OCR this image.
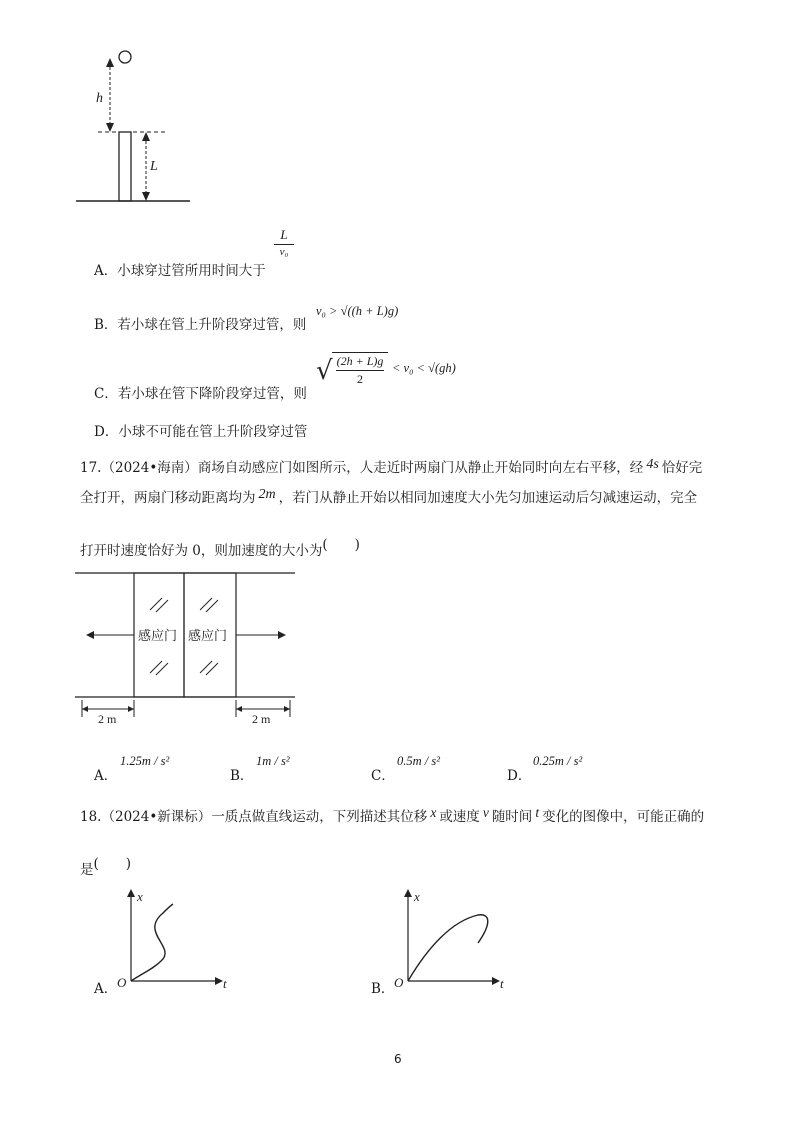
h
L
A．小球穿过管所用时间大于
L
v₀
B．若小球在管上升阶段穿过管，则
v₀ > √((h + L)g)
C．若小球在管下降阶段穿过管，则
√ (2h + L)g
2
< v₀ < √(gh)
D．小球不可能在管上升阶段穿过管
17.（2024•海南）商场自动感应门如图所示，人走近时两扇门从静止开始同时向左右平移，经 4s 恰好完
全打开，两扇门移动距离均为 2m ，若门从静止开始以相同加速度大小先匀加速运动后匀减速运动，完全
打开时速度恰好为 0，则加速度的大小为(　　)
感应门 感应门
2 m	2 m
A．
1.25m / s²
B．
1m / s²
C．
0.5m / s²
D．
0.25m / s²
18.（2024•新课标）一质点做直线运动，下列描述其位移 x 或速度 v 随时间 t 变化的图像中，可能正确的
是(　　)
A．
x
t
O	B．
x
t
O
6
